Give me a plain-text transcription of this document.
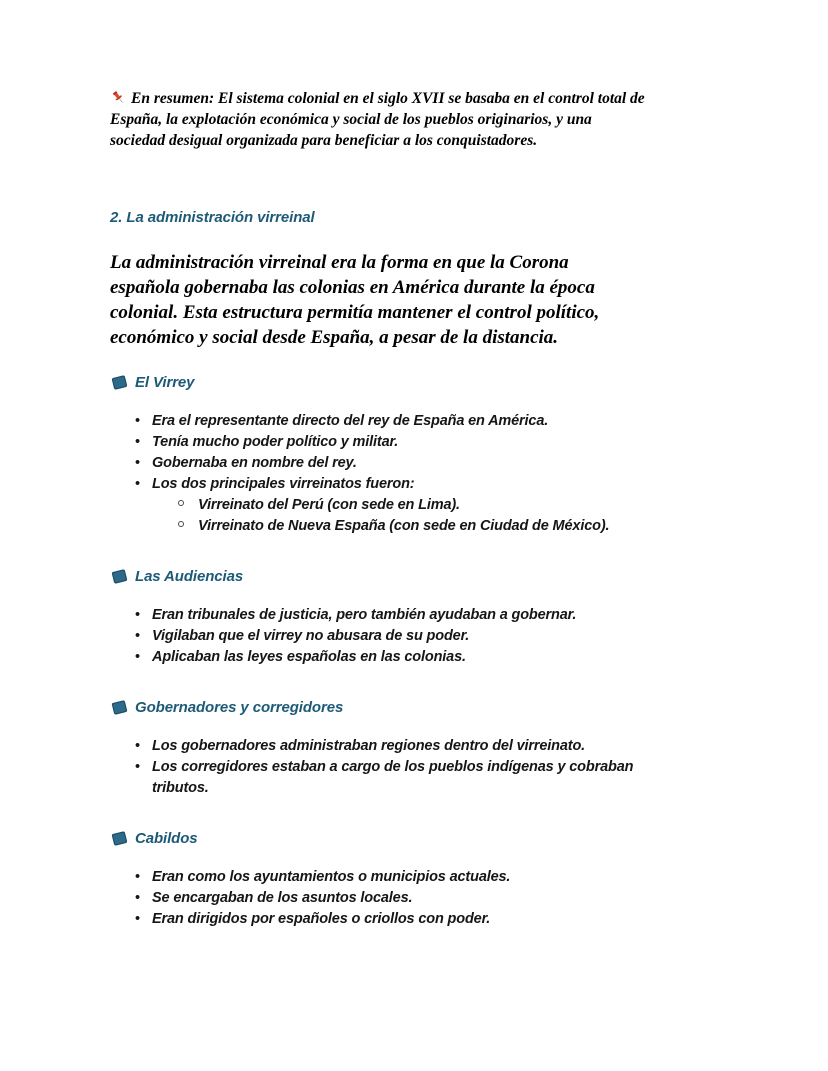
En resumen: El sistema colonial en el siglo XVII se basaba en el control total de España, la explotación económica y social de los pueblos originarios, y una sociedad desigual organizada para beneficiar a los conquistadores.

2. La administración virreinal

La administración virreinal era la forma en que la Corona española gobernaba las colonias en América durante la época colonial. Esta estructura permitía mantener el control político, económico y social desde España, a pesar de la distancia.

El Virrey
• Era el representante directo del rey de España en América.
• Tenía mucho poder político y militar.
• Gobernaba en nombre del rey.
• Los dos principales virreinatos fueron:
Virreinato del Perú (con sede en Lima).
Virreinato de Nueva España (con sede en Ciudad de México).
Las Audiencias
• Eran tribunales de justicia, pero también ayudaban a gobernar.
• Vigilaban que el virrey no abusara de su poder.
• Aplicaban las leyes españolas en las colonias.
Gobernadores y corregidores
• Los gobernadores administraban regiones dentro del virreinato.
• Los corregidores estaban a cargo de los pueblos indígenas y cobraban tributos.
Cabildos
• Eran como los ayuntamientos o municipios actuales.
• Se encargaban de los asuntos locales.
• Eran dirigidos por españoles o criollos con poder.
